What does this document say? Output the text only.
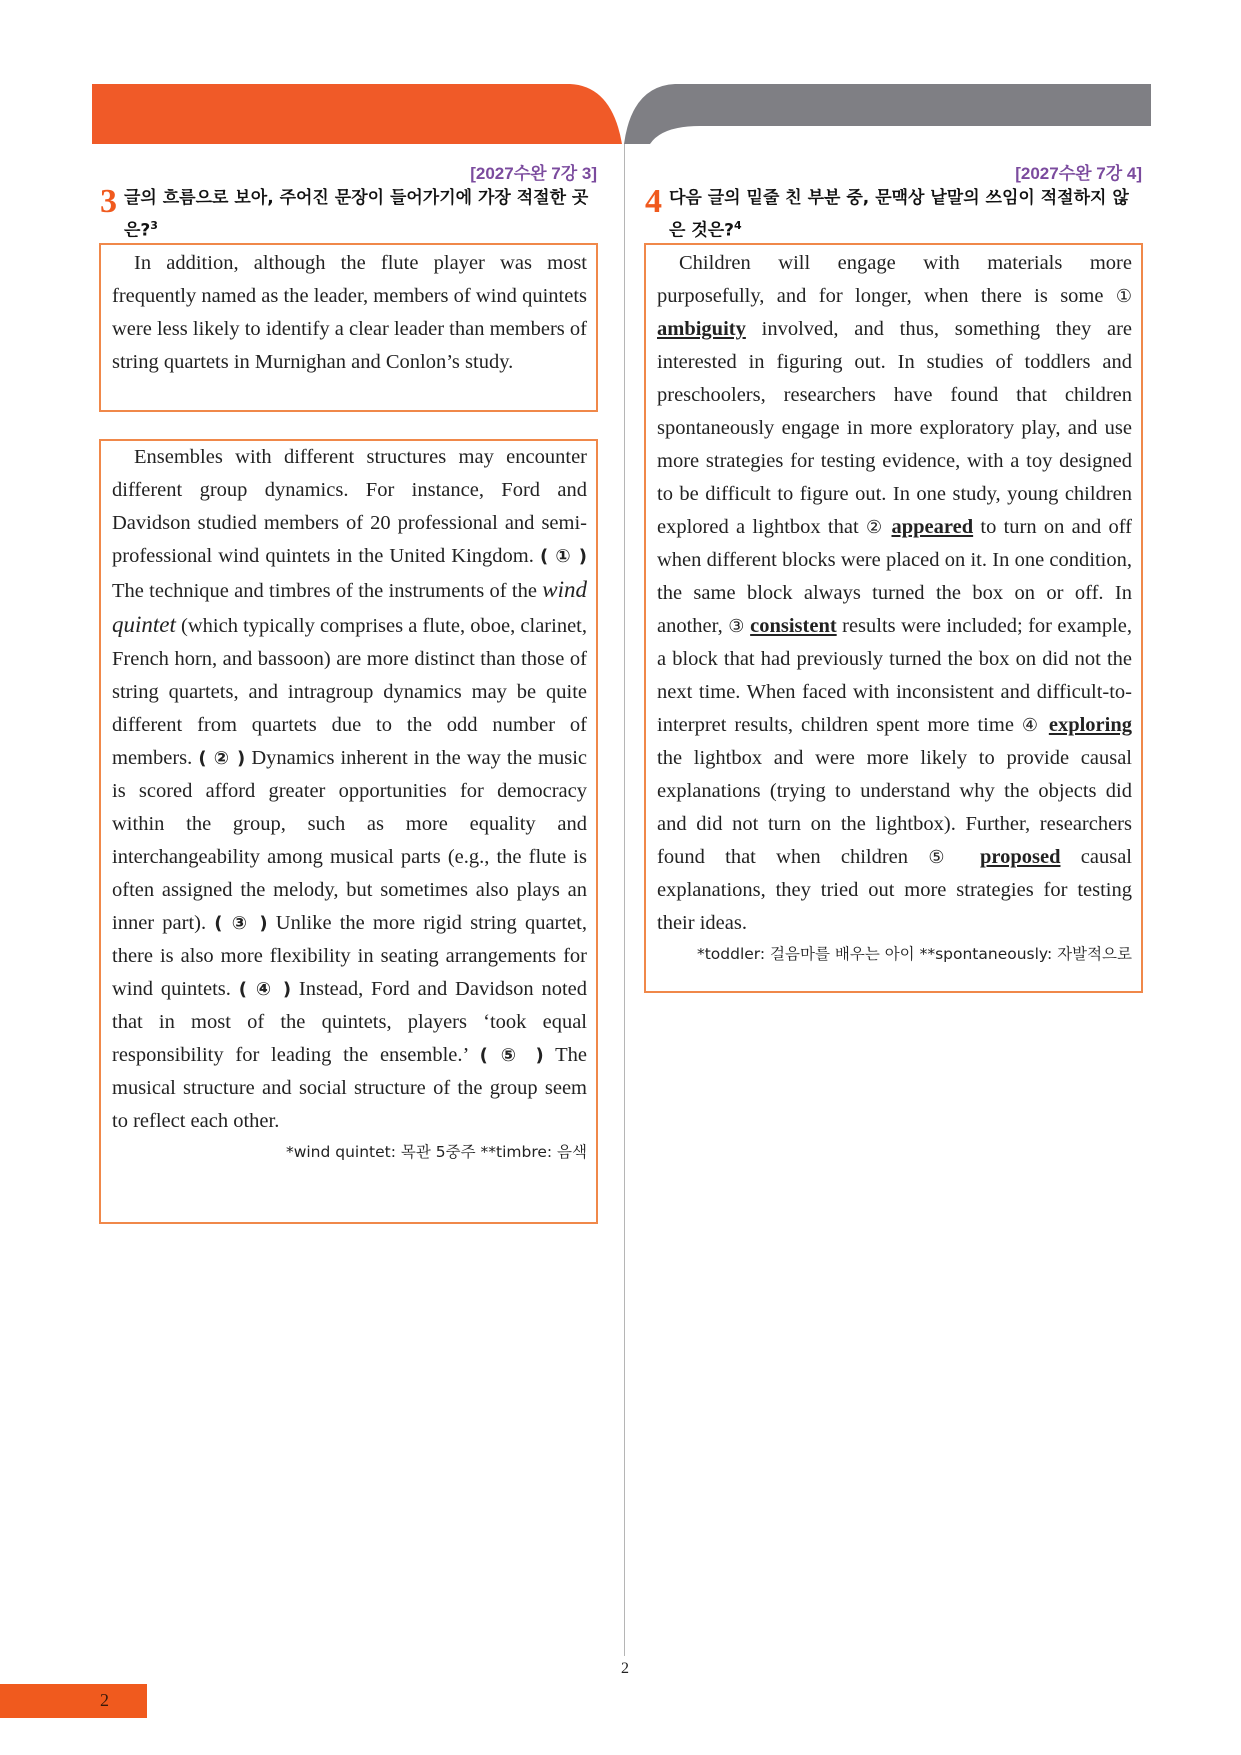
[2027수완 7강 3]
3 글의 흐름으로 보아, 주어진 문장이 들어가기에 가장 적절한 곳은?$^3$

In addition, although the flute player was most frequently named as the leader, members of wind quintets were less likely to identify a clear leader than members of string quartets in Murnighan and Conlon’s study.

Ensembles with different structures may encounter different group dynamics. For instance, Ford and Davidson studied members of 20 professional and semi-professional wind quintets in the United Kingdom. ( ① ) The technique and timbres of the instruments of the wind quintet (which typically comprises a flute, oboe, clarinet, French horn, and bassoon) are more distinct than those of string quartets, and intragroup dynamics may be quite different from quartets due to the odd number of members. ( ② ) Dynamics inherent in the way the music is scored afford greater opportunities for democracy within the group, such as more equality and interchangeability among musical parts (e.g., the flute is often assigned the melody, but sometimes also plays an inner part). ( ③ ) Unlike the more rigid string quartet, there is also more flexibility in seating arrangements for wind quintets. ( ④ ) Instead, Ford and Davidson noted that in most of the quintets, players ‘took equal responsibility for leading the ensemble.’ ( ⑤ ) The musical structure and social structure of the group seem to reflect each other.

*wind quintet: 목관 5중주 **timbre: 음색
[2027수완 7강 4]
4 다음 글의 밑줄 친 부분 중, 문맥상 낱말의 쓰임이 적절하지 않은 것은?$^4$

Children will engage with materials more purposefully, and for longer, when there is some ① ambiguity involved, and thus, something they are interested in figuring out. In studies of toddlers and preschoolers, researchers have found that children spontaneously engage in more exploratory play, and use more strategies for testing evidence, with a toy designed to be difficult to figure out. In one study, young children explored a lightbox that ② appeared to turn on and off when different blocks were placed on it. In one condition, the same block always turned the box on or off. In another, ③ consistent results were included; for example, a block that had previously turned the box on did not the next time. When faced with inconsistent and difficult-to-interpret results, children spent more time ④ exploring the lightbox and were more likely to provide causal explanations (trying to understand why the objects did and did not turn on the lightbox). Further, researchers found that when children ⑤ proposed causal explanations, they tried out more strategies for testing their ideas.

*toddler: 걸음마를 배우는 아이 **spontaneously: 자발적으로
2
2
